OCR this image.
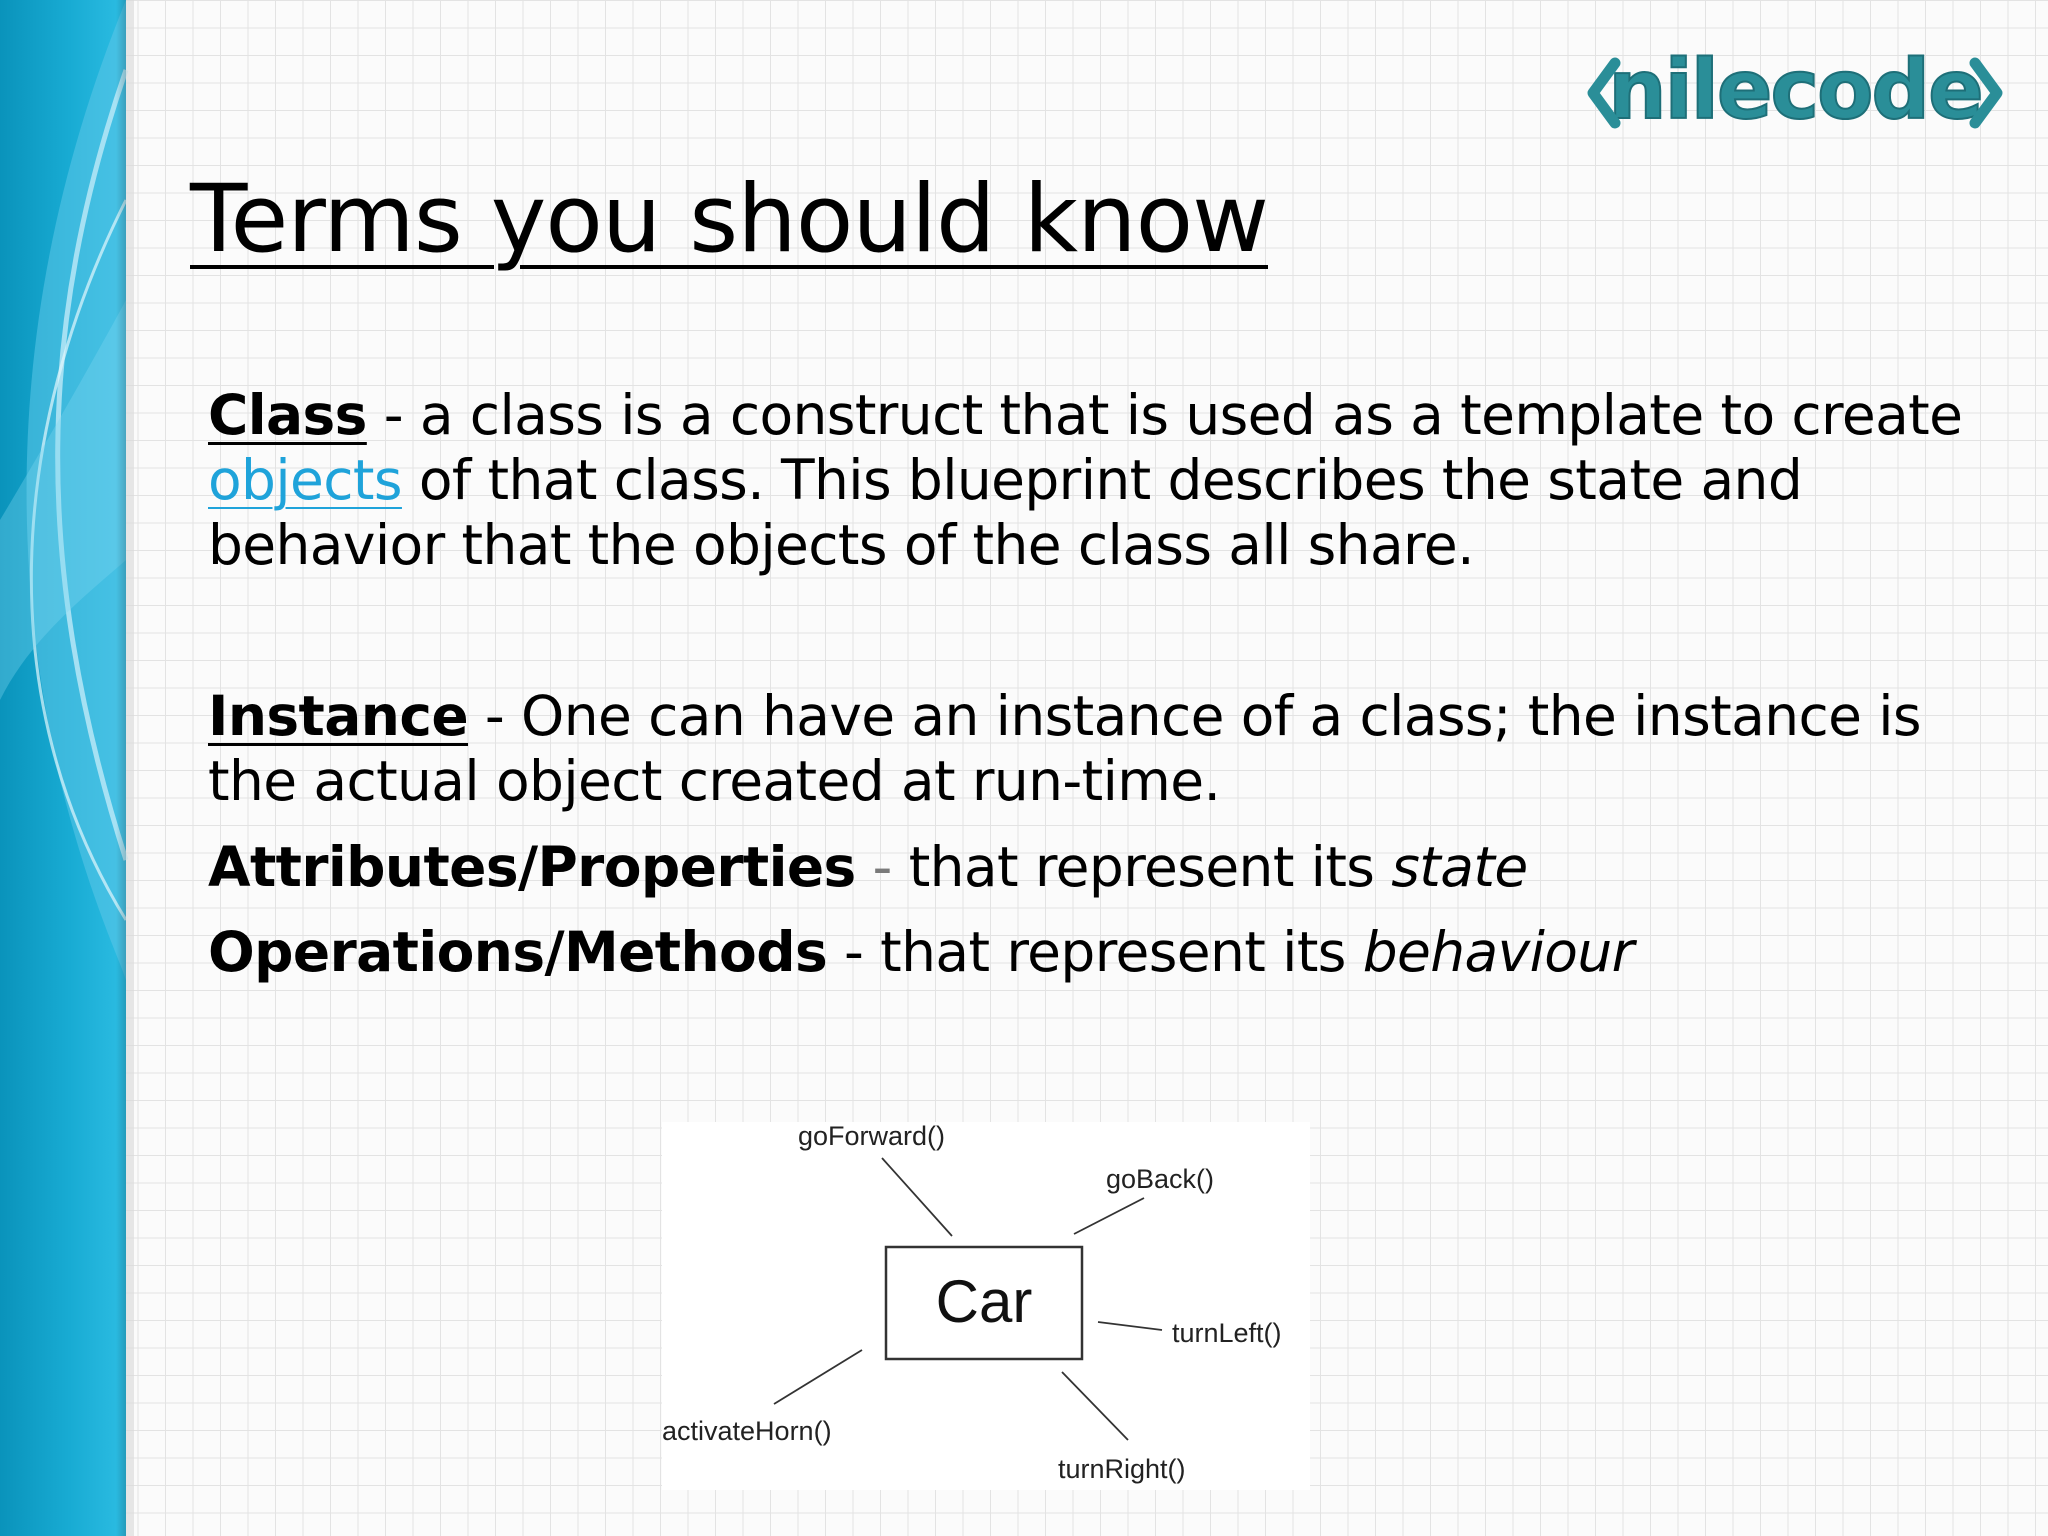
nilecode
Terms you should know

Class - a class is a construct that is used as a template to create objects of that class. This blueprint describes the state and behavior that the objects of the class all share.

Instance - One can have an instance of a class; the instance is the actual object created at run-time.

Attributes/Properties - that represent its state

Operations/Methods - that represent its behaviour

Car
goForward()
goBack()
turnLeft()
turnRight()
activateHorn()
